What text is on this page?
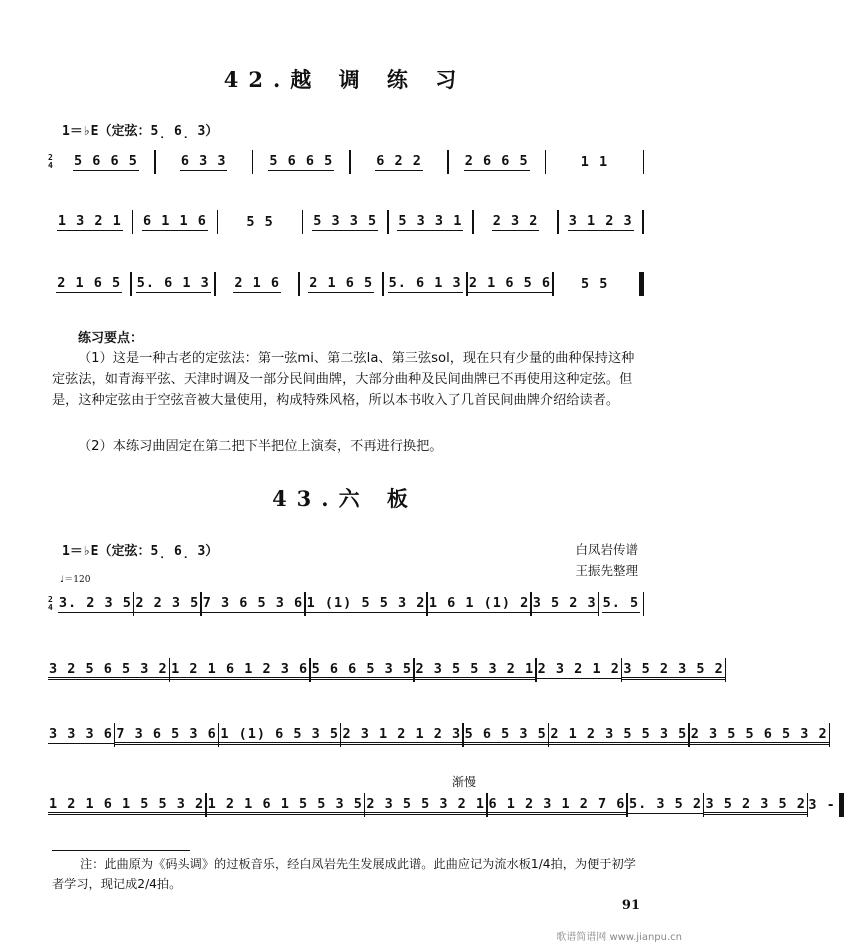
42.越 调 练 习
1＝♭E（定弦：5̣ 6̣ 3）
2
4 5 6 6 5	6 3 3	5 6 6 5	6 2 2	2 6 6 5	1 1
1 3 2 1 6 1 1 6	5 5	5 3 3 5 5 3 3 1 2 3 2 3 1 2 3
2 1 6 5 5. 6 1 3 2 1 6 2 1 6 5 5. 6 1 3 2 1 6 5 6 5 5
练习要点：
（1）这是一种古老的定弦法：第一弦mi、第二弦la、第三弦sol，现在只有少量的曲种保持这种定弦法，如青海平弦、天津时调及一部分民间曲牌，大部分曲种及民间曲牌已不再使用这种定弦。但是，这种定弦由于空弦音被大量使用，构成特殊风格，所以本书收入了几首民间曲牌介绍给读者。
（2）本练习曲固定在第二把下半把位上演奏，不再进行换把。
43.六 板
1＝♭E（定弦：5̣ 6̣ 3）	白凤岩传谱
王振先整理
♩＝120
2
4 3. 2 3 5 2 2 3 5 7 3 6 5 3 6 1 (1) 5 5 3 2 1 6 1 (1) 2 3 5 2 3 5. 5
3 2 5 6 5 3 2 1 2 1 6 1 2 3 6 5 6 6 5 3 5 2 3 5 5 3 2 1 2 3 2 1 2 3 5 2 3 5 2
3 3 3 6 7 3 6 5 3 6 1 (1) 6 5 3 5 2 3 1 2 1 2 3 5 6 5 3 5 2 1 2 3 5 5 3 5 2 3 5 5 6 5 3 2
渐慢
1 2 1 6 1 5 5 3 2 1 2 1 6 1 5 5 3 5 2 3 5 5 3 2 1 6 1 2 3 1 2 7 6 5. 3 5 2 3 5 2 3 5 2 3 -
注：此曲原为《码头调》的过板音乐，经白凤岩先生发展成此谱。此曲应记为流水板1/4拍，为便于初学者学习，现记成2/4拍。
91
歌谱简谱网 www.jianpu.cn
